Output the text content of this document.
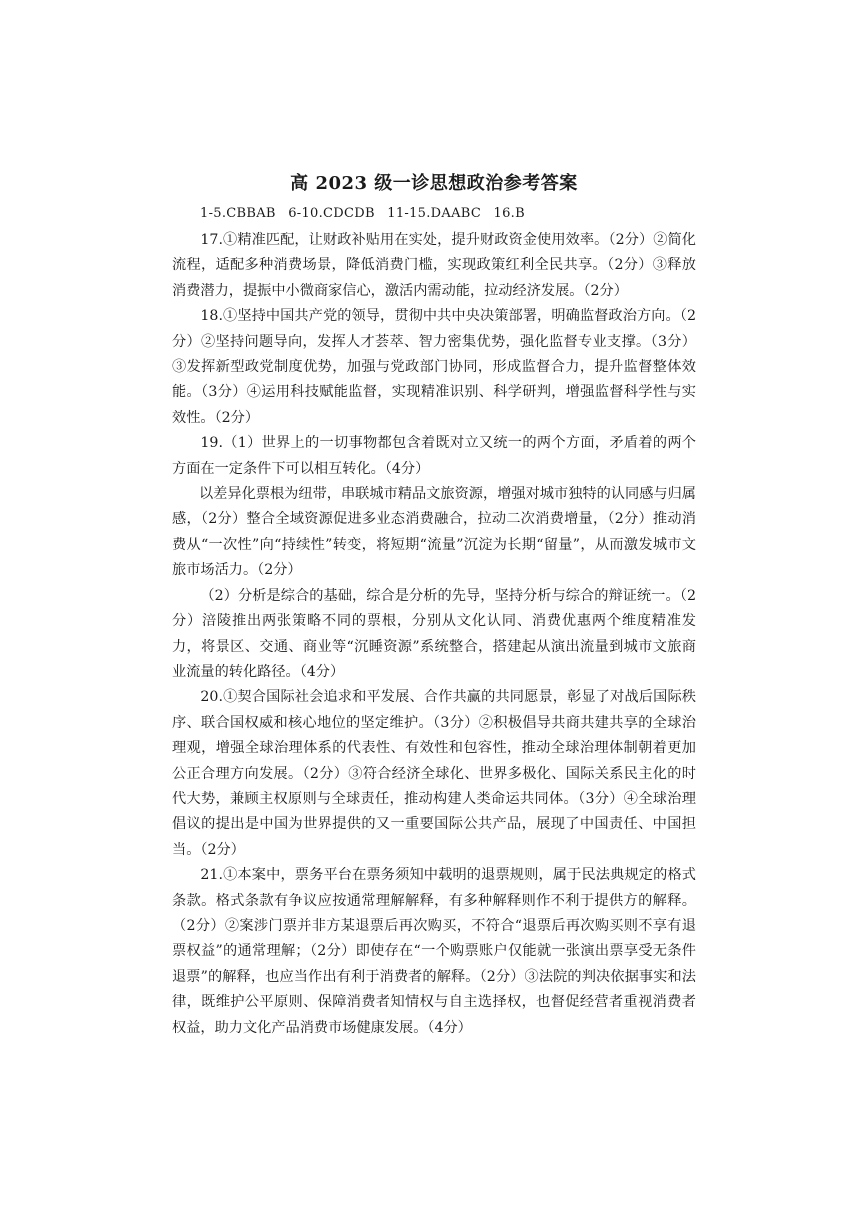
高 2023 级一诊思想政治参考答案
1-5.CBBAB 6-10.CDCDB 11-15.DAABC 16.B

17.①精准匹配，让财政补贴用在实处，提升财政资金使用效率。（2分）②简化流程，适配多种消费场景，降低消费门槛，实现政策红利全民共享。（2分）③释放消费潜力，提振中小微商家信心，激活内需动能，拉动经济发展。（2分）

18.①坚持中国共产党的领导，贯彻中共中央决策部署，明确监督政治方向。（2分）②坚持问题导向，发挥人才荟萃、智力密集优势，强化监督专业支撑。（3分）③发挥新型政党制度优势，加强与党政部门协同，形成监督合力，提升监督整体效能。（3分）④运用科技赋能监督，实现精准识别、科学研判，增强监督科学性与实效性。（2分）

19.（1）世界上的一切事物都包含着既对立又统一的两个方面，矛盾着的两个方面在一定条件下可以相互转化。（4分）

以差异化票根为纽带，串联城市精品文旅资源，增强对城市独特的认同感与归属感，（2分）整合全域资源促进多业态消费融合，拉动二次消费增量，（2分）推动消费从“一次性”向“持续性”转变，将短期“流量”沉淀为长期“留量”，从而激发城市文旅市场活力。（2分）

（2）分析是综合的基础，综合是分析的先导，坚持分析与综合的辩证统一。（2分）涪陵推出两张策略不同的票根，分别从文化认同、消费优惠两个维度精准发力，将景区、交通、商业等“沉睡资源”系统整合，搭建起从演出流量到城市文旅商业流量的转化路径。（4分）

20.①契合国际社会追求和平发展、合作共赢的共同愿景，彰显了对战后国际秩序、联合国权威和核心地位的坚定维护。（3分）②积极倡导共商共建共享的全球治理观，增强全球治理体系的代表性、有效性和包容性，推动全球治理体制朝着更加公正合理方向发展。（2分）③符合经济全球化、世界多极化、国际关系民主化的时代大势，兼顾主权原则与全球责任，推动构建人类命运共同体。（3分）④全球治理倡议的提出是中国为世界提供的又一重要国际公共产品，展现了中国责任、中国担当。（2分）

21.①本案中，票务平台在票务须知中载明的退票规则，属于民法典规定的格式条款。格式条款有争议应按通常理解解释，有多种解释则作不利于提供方的解释。（2分）②案涉门票并非方某退票后再次购买，不符合“退票后再次购买则不享有退票权益”的通常理解；（2分）即使存在“一个购票账户仅能就一张演出票享受无条件退票”的解释，也应当作出有利于消费者的解释。（2分）③法院的判决依据事实和法律，既维护公平原则、保障消费者知情权与自主选择权，也督促经营者重视消费者权益，助力文化产品消费市场健康发展。（4分）
